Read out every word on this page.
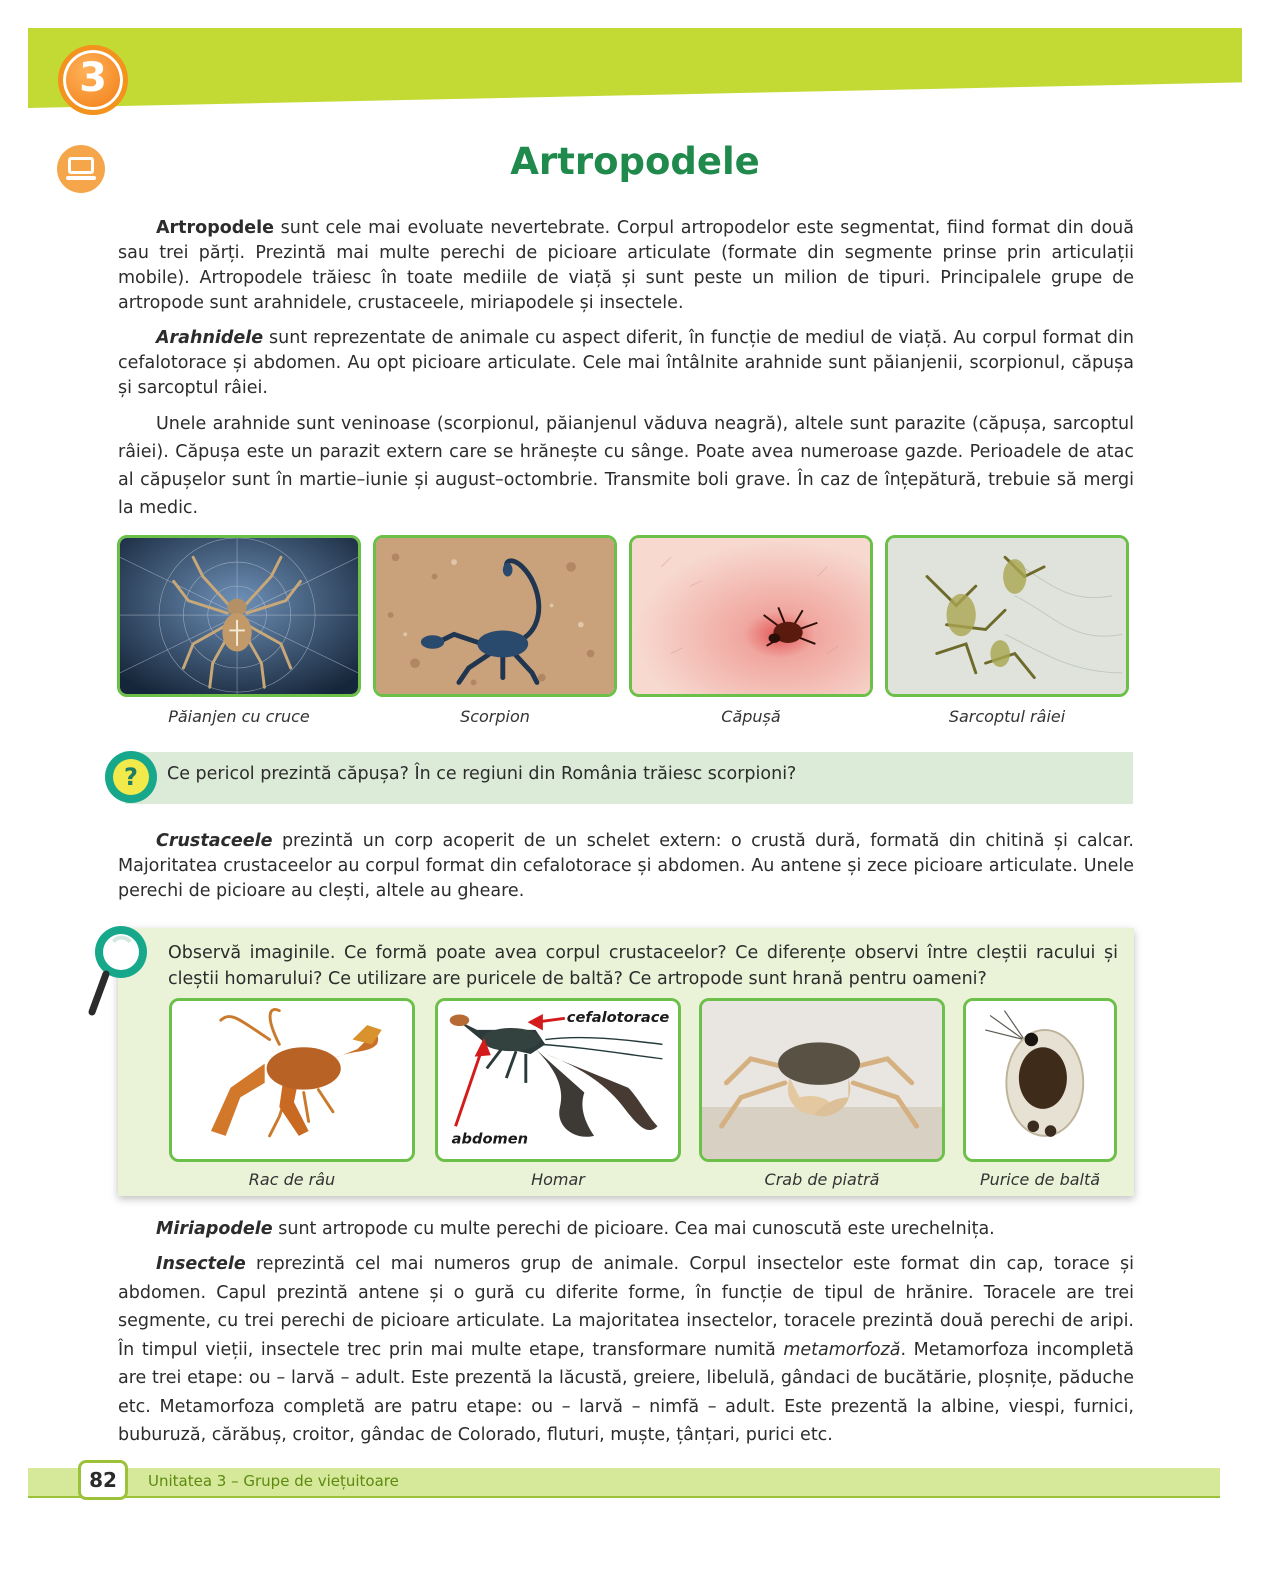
3
Artropodele

Artropodele sunt cele mai evoluate nevertebrate. Corpul artropodelor este segmentat, fiind format din două sau trei părți. Prezintă mai multe perechi de picioare articulate (formate din segmente prinse prin articulații mobile). Artropodele trăiesc în toate mediile de viață și sunt peste un milion de tipuri. Principalele grupe de artropode sunt arahnidele, crustaceele, miriapodele și insectele.

Arahnidele sunt reprezentate de animale cu aspect diferit, în funcție de mediul de viață. Au corpul format din cefalotorace și abdomen. Au opt picioare articulate. Cele mai întâlnite arahnide sunt păianjenii, scorpionul, căpușa și sarcoptul râiei.

Unele arahnide sunt veninoase (scorpionul, păianjenul văduva neagră), altele sunt parazite (căpușa, sarcoptul râiei). Căpușa este un parazit extern care se hrănește cu sânge. Poate avea numeroase gazde. Perioadele de atac al căpușelor sunt în martie–iunie și august–octombrie. Transmite boli grave. În caz de înțepătură, trebuie să mergi la medic.

Păianjen cu cruce	Scorpion	Căpușă	Sarcoptul râiei
?	Ce pericol prezintă căpușa? În ce regiuni din România trăiesc scorpioni?

Crustaceele prezintă un corp acoperit de un schelet extern: o crustă dură, formată din chitină și calcar. Majoritatea crustaceelor au corpul format din cefalotorace și abdomen. Au antene și zece picioare articulate. Unele perechi de picioare au clești, altele au gheare.

Observă imaginile. Ce formă poate avea corpul crustaceelor? Ce diferențe observi între cleștii racului și cleștii homarului? Ce utilizare are puricele de baltă? Ce artropode sunt hrană pentru oameni?

cefalotorace
abdomen
Rac de râu	Homar	Crab de piatră	Purice de baltă

Miriapodele sunt artropode cu multe perechi de picioare. Cea mai cunoscută este urechelnița.

Insectele reprezintă cel mai numeros grup de animale. Corpul insectelor este format din cap, torace și abdomen. Capul prezintă antene și o gură cu diferite forme, în funcție de tipul de hrănire. Toracele are trei segmente, cu trei perechi de picioare articulate. La majoritatea insectelor, toracele prezintă două perechi de aripi. În timpul vieții, insectele trec prin mai multe etape, transformare numită metamorfoză. Metamorfoza incompletă are trei etape: ou – larvă – adult. Este prezentă la lăcustă, greiere, libelulă, gândaci de bucătărie, ploșnițe, păduche etc. Metamorfoza completă are patru etape: ou – larvă – nimfă – adult. Este prezentă la albine, viespi, furnici, buburuză, cărăbuș, croitor, gândac de Colorado, fluturi, muște, țânțari, purici etc.

82	Unitatea 3 – Grupe de viețuitoare
